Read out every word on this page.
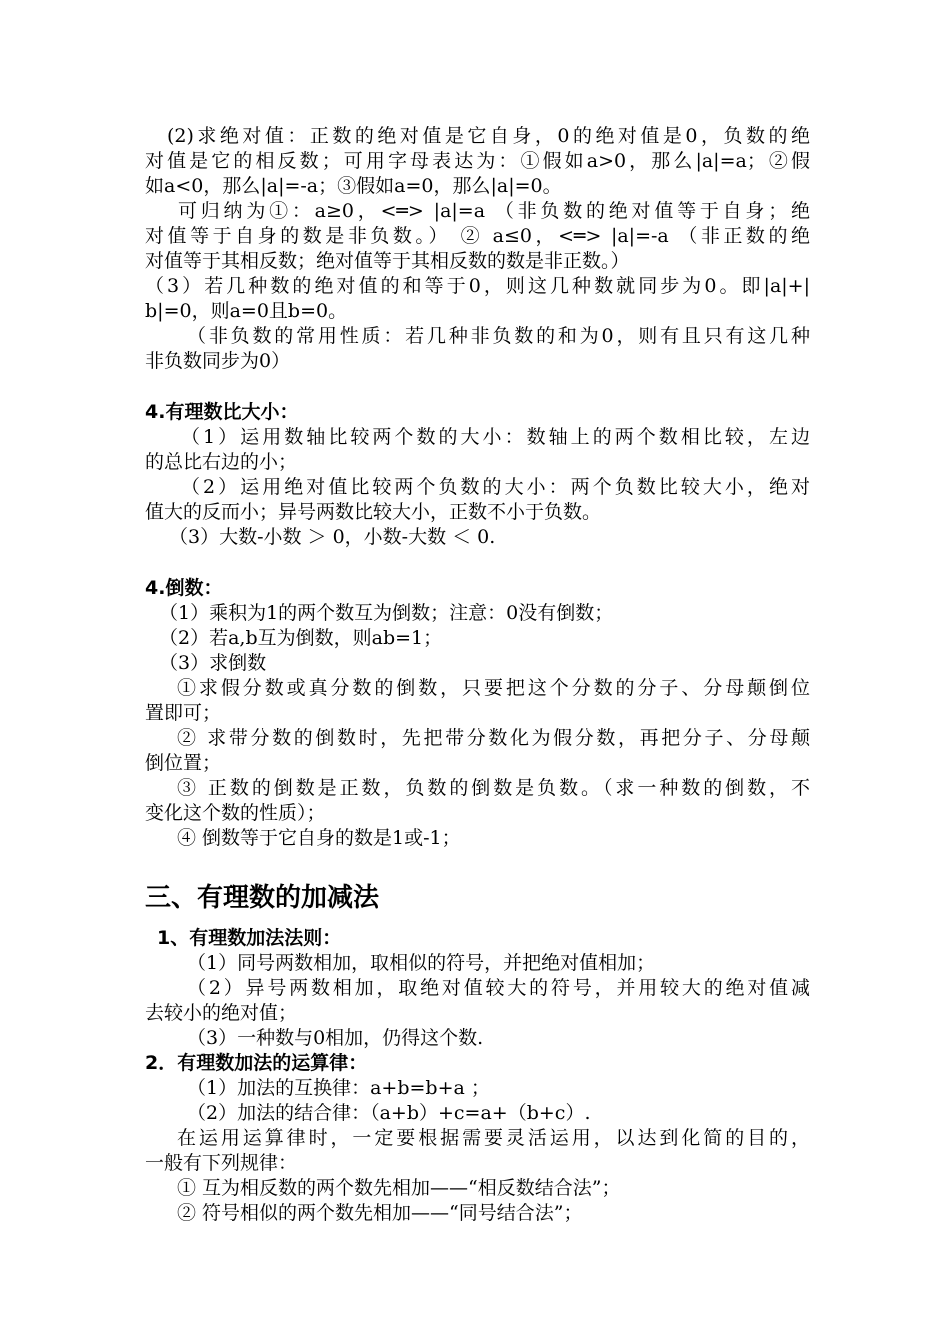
(2)求绝对值：正数的绝对值是它自身，0的绝对值是0，负数的绝
对值是它的相反数；可用字母表达为：①假如a>0，那么|a|=a；②假
如a<0，那么|a|=-a；③假如a=0，那么|a|=0。
可归纳为①：a≥0，<═> |a|=a （非负数的绝对值等于自身；绝
对值等于自身的数是非负数。） ② a≤0，<═> |a|=-a （非正数的绝
对值等于其相反数；绝对值等于其相反数的数是非正数。）
（3）若几种数的绝对值的和等于0，则这几种数就同步为0。即|a|+|
b|=0，则a=0且b=0。
（非负数的常用性质：若几种非负数的和为0，则有且只有这几种
非负数同步为0）
4.有理数比大小：
（1）运用数轴比较两个数的大小：数轴上的两个数相比较，左边
的总比右边的小；
（2）运用绝对值比较两个负数的大小：两个负数比较大小，绝对
值大的反而小；异号两数比较大小，正数不小于负数。
（3）大数-小数 ＞ 0，小数-大数 ＜ 0.
4.倒数：
（1）乘积为1的两个数互为倒数；注意：0没有倒数；
（2）若a,b互为倒数，则ab=1；
（3）求倒数
①求假分数或真分数的倒数，只要把这个分数的分子、分母颠倒位
置即可；
② 求带分数的倒数时，先把带分数化为假分数，再把分子、分母颠
倒位置；
③ 正数的倒数是正数，负数的倒数是负数。（求一种数的倒数，不
变化这个数的性质）；
④ 倒数等于它自身的数是1或-1；
三、有理数的加减法
1、有理数加法法则：
（1）同号两数相加，取相似的符号，并把绝对值相加；
（2）异号两数相加，取绝对值较大的符号，并用较大的绝对值减
去较小的绝对值；
（3）一种数与0相加，仍得这个数.
2．有理数加法的运算律：
（1）加法的互换律：a+b=b+a ；
（2）加法的结合律：（a+b）+c=a+（b+c）.
在运用运算律时，一定要根据需要灵活运用，以达到化简的目的，
一般有下列规律：
① 互为相反数的两个数先相加——“相反数结合法”；
② 符号相似的两个数先相加——“同号结合法”；
